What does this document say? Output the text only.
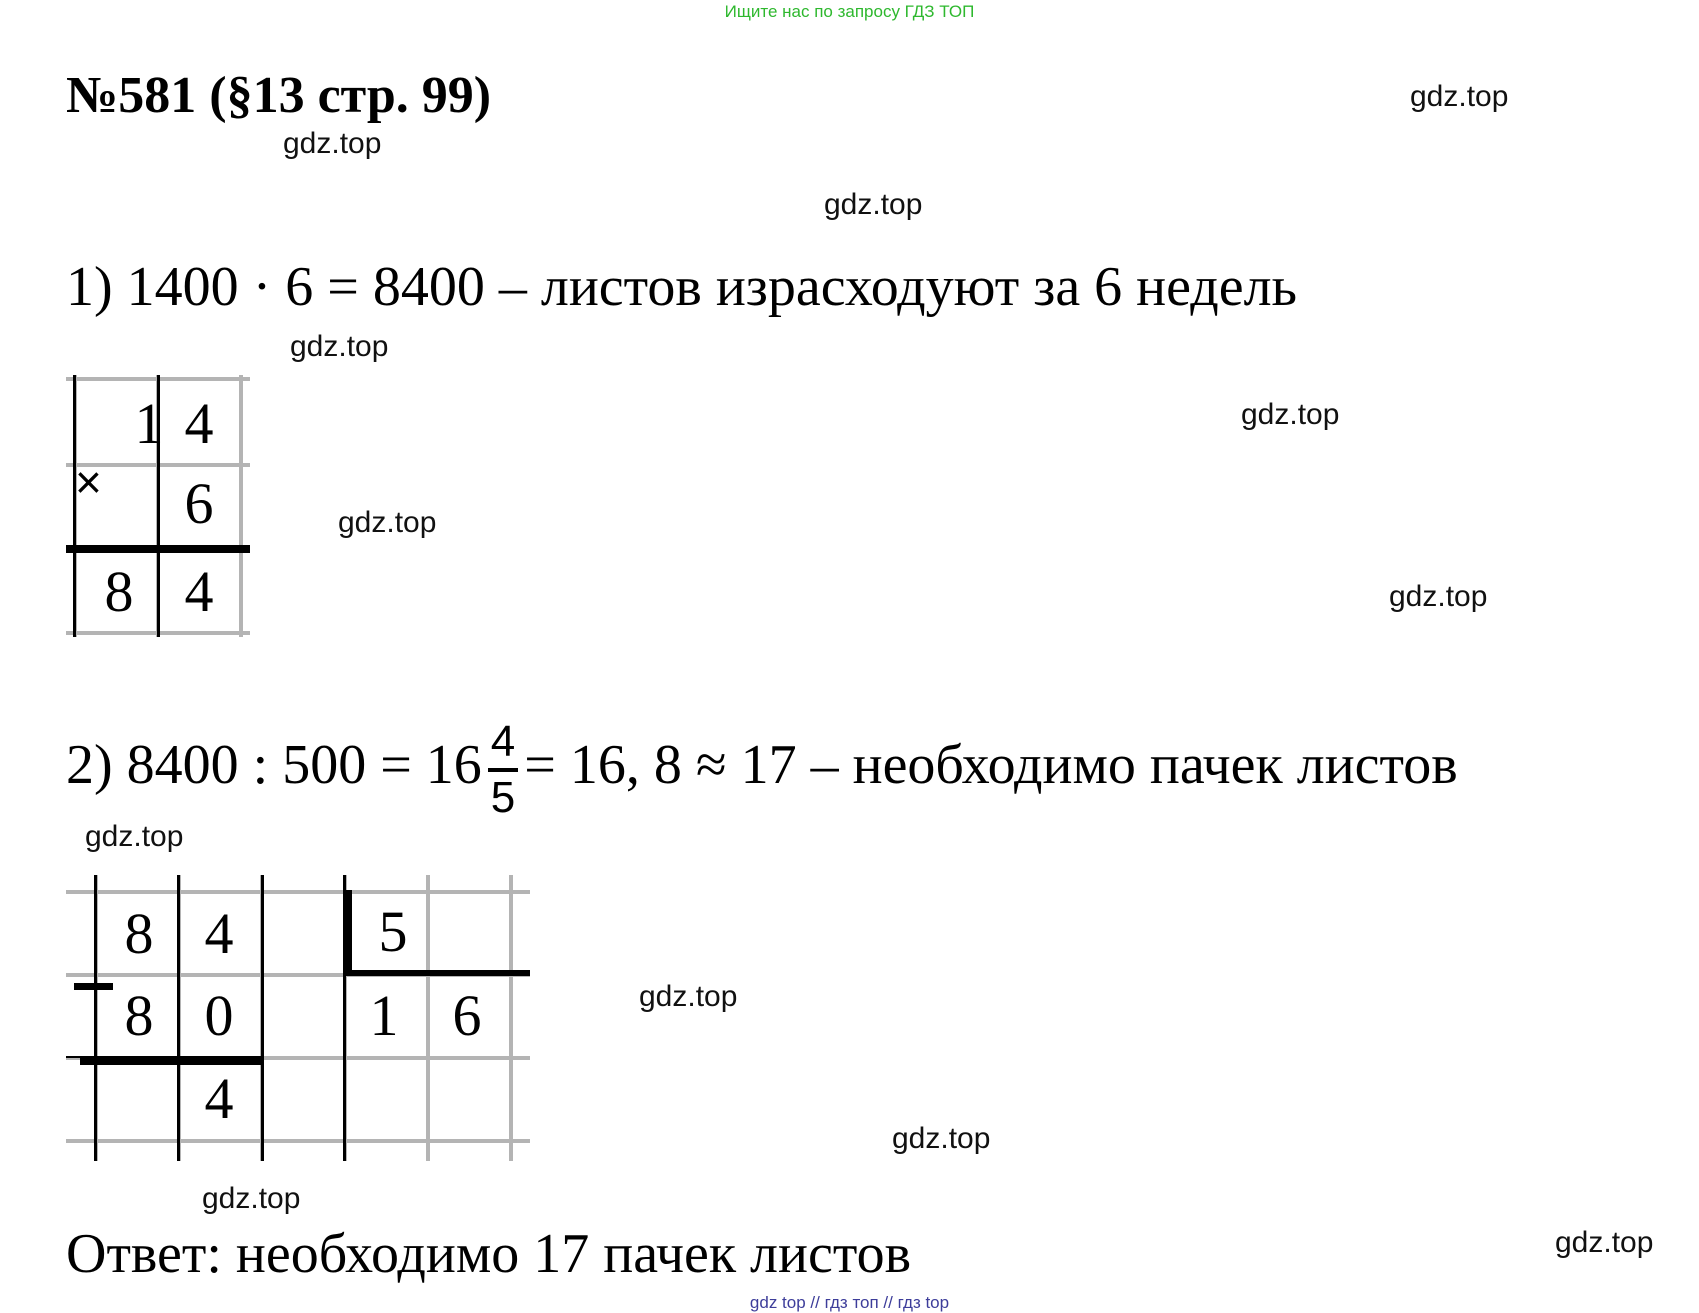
Ищите нас по запросу ГДЗ ТОП
№581 (§13 стр. 99)	gdz.top
gdz.top
gdz.top
gdz.top
gdz.top
gdz.top
gdz.top
gdz.top
gdz.top
gdz.top
gdz.top
gdz.top
1) 1400 · 6 = 8400 – листов израсходуют за 6 недель
1 4
6
8 4
×
2) 8400 : $500 = 16 \frac{4}{5} = 16$, 8 ≈ 17 – необходимо пачек листов
8 4	5
8 0	1 6
4
Ответ: необходимо 17 пачек листов
gdz top // гдз топ // гдз top
